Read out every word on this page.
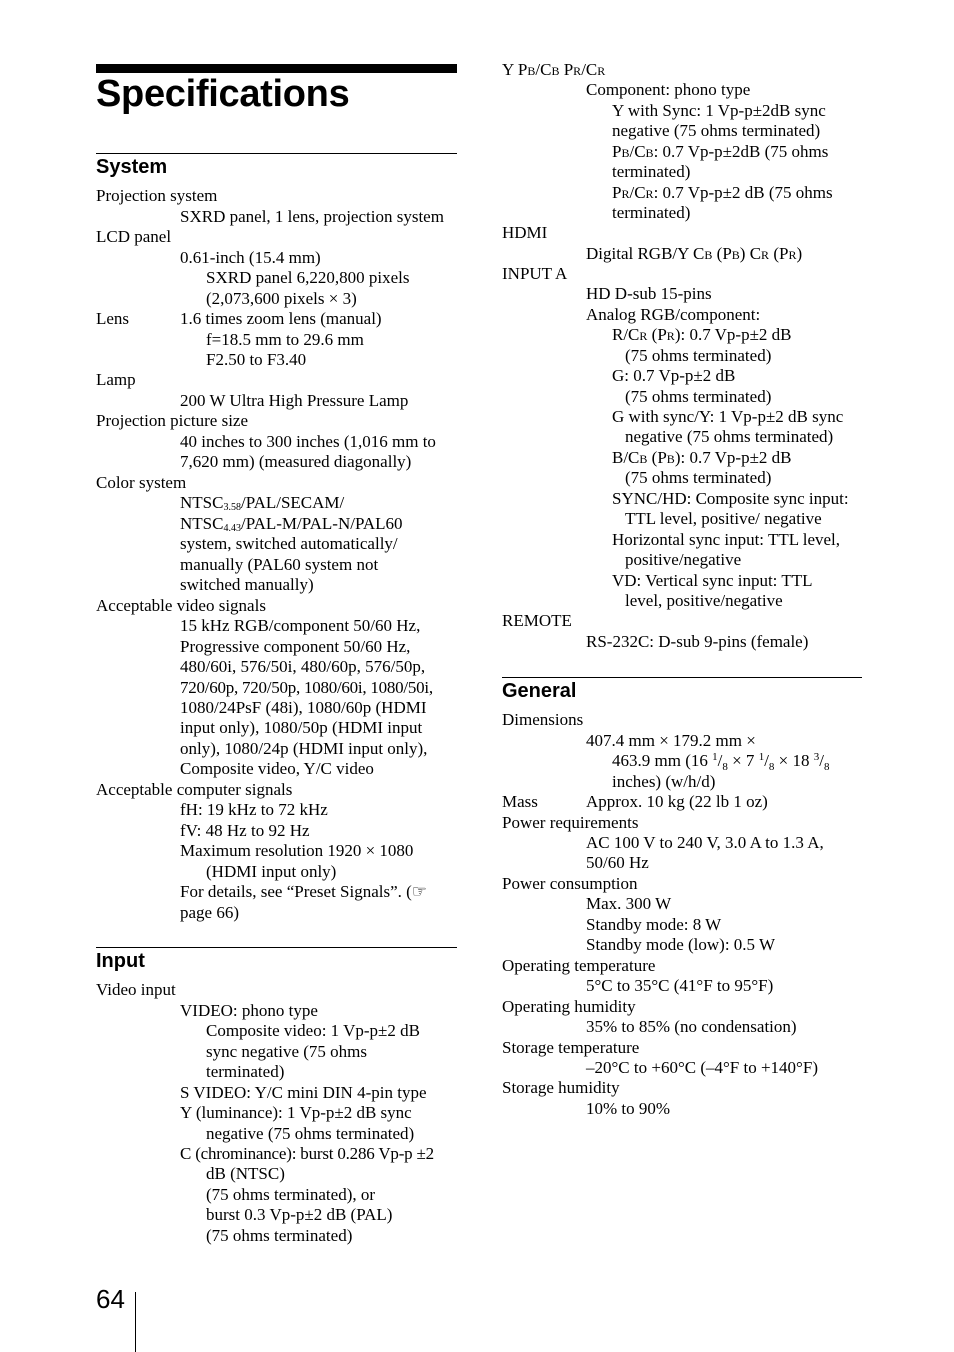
Specifications
System
Projection system
SXRD panel, 1 lens, projection system
LCD panel
0.61-inch (15.4 mm)
SXRD panel 6,220,800 pixels
(2,073,600 pixels × 3)
Lens	1.6 times zoom lens (manual)
f=18.5 mm to 29.6 mm
F2.50 to F3.40
Lamp
200 W Ultra High Pressure Lamp
Projection picture size
40 inches to 300 inches (1,016 mm to
7,620 mm) (measured diagonally)
Color system
NTSC3.58/PAL/SECAM/
NTSC4.43/PAL-M/PAL-N/PAL60
system, switched automatically/
manually (PAL60 system not
switched manually)
Acceptable video signals
15 kHz RGB/component 50/60 Hz,
Progressive component 50/60 Hz,
480/60i, 576/50i, 480/60p, 576/50p,
720/60p, 720/50p, 1080/60i, 1080/50i,
1080/24PsF (48i), 1080/60p (HDMI
input only), 1080/50p (HDMI input
only), 1080/24p (HDMI input only),
Composite video, Y/C video
Acceptable computer signals
fH: 19 kHz to 72 kHz
fV: 48 Hz to 92 Hz
Maximum resolution 1920 × 1080
(HDMI input only)
For details, see “Preset Signals”. (☞
page 66)
Input
Video input
VIDEO: phono type
Composite video: 1 Vp-p±2 dB
sync negative (75 ohms
terminated)
S VIDEO: Y/C mini DIN 4-pin type
Y (luminance): 1 Vp-p±2 dB sync
negative (75 ohms terminated)
C (chrominance): burst 0.286 Vp-p ±2
dB (NTSC)
(75 ohms terminated), or
burst 0.3 Vp-p±2 dB (PAL)
(75 ohms terminated)
Y PB/CB PR/CR
Component: phono type
Y with Sync: 1 Vp-p±2dB sync
negative (75 ohms terminated)
PB/CB: 0.7 Vp-p±2dB (75 ohms
terminated)
PR/CR: 0.7 Vp-p±2 dB (75 ohms
terminated)
HDMI
Digital RGB/Y CB (PB) CR (PR)
INPUT A
HD D-sub 15-pins
Analog RGB/component:
R/CR (PR): 0.7 Vp-p±2 dB
(75 ohms terminated)
G: 0.7 Vp-p±2 dB
(75 ohms terminated)
G with sync/Y: 1 Vp-p±2 dB sync
negative (75 ohms terminated)
B/CB (PB): 0.7 Vp-p±2 dB
(75 ohms terminated)
SYNC/HD: Composite sync input:
TTL level, positive/ negative
Horizontal sync input: TTL level,
positive/negative
VD: Vertical sync input: TTL
level, positive/negative
REMOTE
RS-232C: D-sub 9-pins (female)
General
Dimensions
407.4 mm × 179.2 mm ×
463.9 mm (16 $^1/_8 \times 7$ $^1/_8 \times 18$ $^3/_8$
inches) (w/h/d)
Mass	Approx. 10 kg (22 lb 1 oz)
Power requirements
AC 100 V to 240 V, 3.0 A to 1.3 A,
50/60 Hz
Power consumption
Max. 300 W
Standby mode: 8 W
Standby mode (low): 0.5 W
Operating temperature
5°C to 35°C (41°F to 95°F)
Operating humidity
35% to 85% (no condensation)
Storage temperature
–20°C to +60°C (–4°F to +140°F)
Storage humidity
10% to 90%
64
